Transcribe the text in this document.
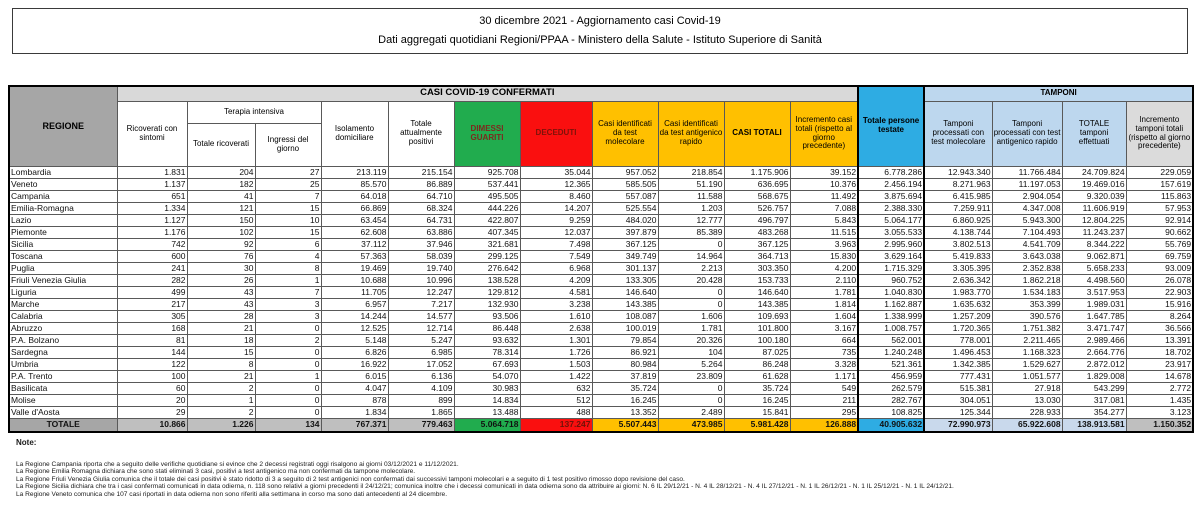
30 dicembre 2021 - Aggiornamento casi Covid-19
Dati aggregati quotidiani Regioni/PPAA - Ministero della Salute - Istituto Superiore di Sanità
REGIONE	CASI COVID-19 CONFERMATI											Totale persone testate	TAMPONI			
	Ricoverati con sintomi	Terapia intensiva		Isolamento domiciliare	Totale attualmente positivi	DIMESSI GUARITI	DECEDUTI	Casi identificati da test molecolare	Casi identificati da test antigenico rapido	CASI TOTALI	Incremento casi totali (rispetto al giorno precedente)		Tamponi processati con test molecolare	Tamponi processati con test antigenico rapido	TOTALE tamponi effettuati	Incremento tamponi totali (rispetto al giorno precedente)
		Totale ricoverati	Ingressi del giorno													
Lombardia	1.831	204	27	213.119	215.154	925.708	35.044	957.052	218.854	1.175.906	39.152	6.778.286	12.943.340	11.766.484	24.709.824	229.059
Veneto	1.137	182	25	85.570	86.889	537.441	12.365	585.505	51.190	636.695	10.376	2.456.194	8.271.963	11.197.053	19.469.016	157.619
Campania	651	41	7	64.018	64.710	495.505	8.460	557.087	11.588	568.675	11.492	3.875.694	6.415.985	2.904.054	9.320.039	115.863
Emilia-Romagna	1.334	121	15	66.869	68.324	444.226	14.207	525.554	1.203	526.757	7.088	2.388.330	7.259.911	4.347.008	11.606.919	57.953
Lazio	1.127	150	10	63.454	64.731	422.807	9.259	484.020	12.777	496.797	5.843	5.064.177	6.860.925	5.943.300	12.804.225	92.914
Piemonte	1.176	102	15	62.608	63.886	407.345	12.037	397.879	85.389	483.268	11.515	3.055.533	4.138.744	7.104.493	11.243.237	90.662
Sicilia	742	92	6	37.112	37.946	321.681	7.498	367.125	0	367.125	3.963	2.995.960	3.802.513	4.541.709	8.344.222	55.769
Toscana	600	76	4	57.363	58.039	299.125	7.549	349.749	14.964	364.713	15.830	3.629.164	5.419.833	3.643.038	9.062.871	69.759
Puglia	241	30	8	19.469	19.740	276.642	6.968	301.137	2.213	303.350	4.200	1.715.329	3.305.395	2.352.838	5.658.233	93.009
Friuli Venezia Giulia	282	26	1	10.688	10.996	138.528	4.209	133.305	20.428	153.733	2.110	960.752	2.636.342	1.862.218	4.498.560	26.078
Liguria	499	43	7	11.705	12.247	129.812	4.581	146.640	0	146.640	1.781	1.040.830	1.983.770	1.534.183	3.517.953	22.903
Marche	217	43	3	6.957	7.217	132.930	3.238	143.385	0	143.385	1.814	1.162.887	1.635.632	353.399	1.989.031	15.916
Calabria	305	28	3	14.244	14.577	93.506	1.610	108.087	1.606	109.693	1.604	1.338.999	1.257.209	390.576	1.647.785	8.264
Abruzzo	168	21	0	12.525	12.714	86.448	2.638	100.019	1.781	101.800	3.167	1.008.757	1.720.365	1.751.382	3.471.747	36.566
P.A. Bolzano	81	18	2	5.148	5.247	93.632	1.301	79.854	20.326	100.180	664	562.001	778.001	2.211.465	2.989.466	13.391
Sardegna	144	15	0	6.826	6.985	78.314	1.726	86.921	104	87.025	735	1.240.248	1.496.453	1.168.323	2.664.776	18.702
Umbria	122	8	0	16.922	17.052	67.693	1.503	80.984	5.264	86.248	3.328	521.361	1.342.385	1.529.627	2.872.012	23.917
P.A. Trento	100	21	1	6.015	6.136	54.070	1.422	37.819	23.809	61.628	1.171	456.959	777.431	1.051.577	1.829.008	14.678
Basilicata	60	2	0	4.047	4.109	30.983	632	35.724	0	35.724	549	262.579	515.381	27.918	543.299	2.772
Molise	20	1	0	878	899	14.834	512	16.245	0	16.245	211	282.767	304.051	13.030	317.081	1.435
Valle d'Aosta	29	2	0	1.834	1.865	13.488	488	13.352	2.489	15.841	295	108.825	125.344	228.933	354.277	3.123
TOTALE	10.866	1.226	134	767.371	779.463	5.064.718	137.247	5.507.443	473.985	5.981.428	126.888	40.905.632	72.990.973	65.922.608	138.913.581	1.150.352
Note:
La Regione Campania riporta che a seguito delle verifiche quotidiane si evince che 2 decessi registrati oggi risalgono ai giorni 03/12/2021 e 11/12/2021.
La Regione Emilia Romagna dichiara che sono stati eliminati 3 casi, positivi a test antigenico ma non confermati da tampone molecolare.
La Regione Friuli Venezia Giulia comunica che il totale dei casi positivi è stato ridotto di 3 a seguito di 2 test antigenici non confermati dai successivi tamponi molecolari e a seguito di 1 test positivo rimosso dopo revisione del caso.
La Regione Sicilia dichiara che tra i casi confermati comunicati in data odierna, n. 118 sono relativi a giorni precedenti il 24/12/21; comunica inoltre che i decessi comunicati in data odierna sono da attribuire ai giorni: N. 6 IL 29/12/21 - N. 4 IL 28/12/21 - N. 4 IL 27/12/21 - N. 1 IL 26/12/21 - N. 1 IL 25/12/21 - N. 1 IL 24/12/21.
La Regione Veneto comunica che 107 casi riportati in data odierna non sono riferiti alla settimana in corso ma sono dati antecedenti al 24 dicembre.
